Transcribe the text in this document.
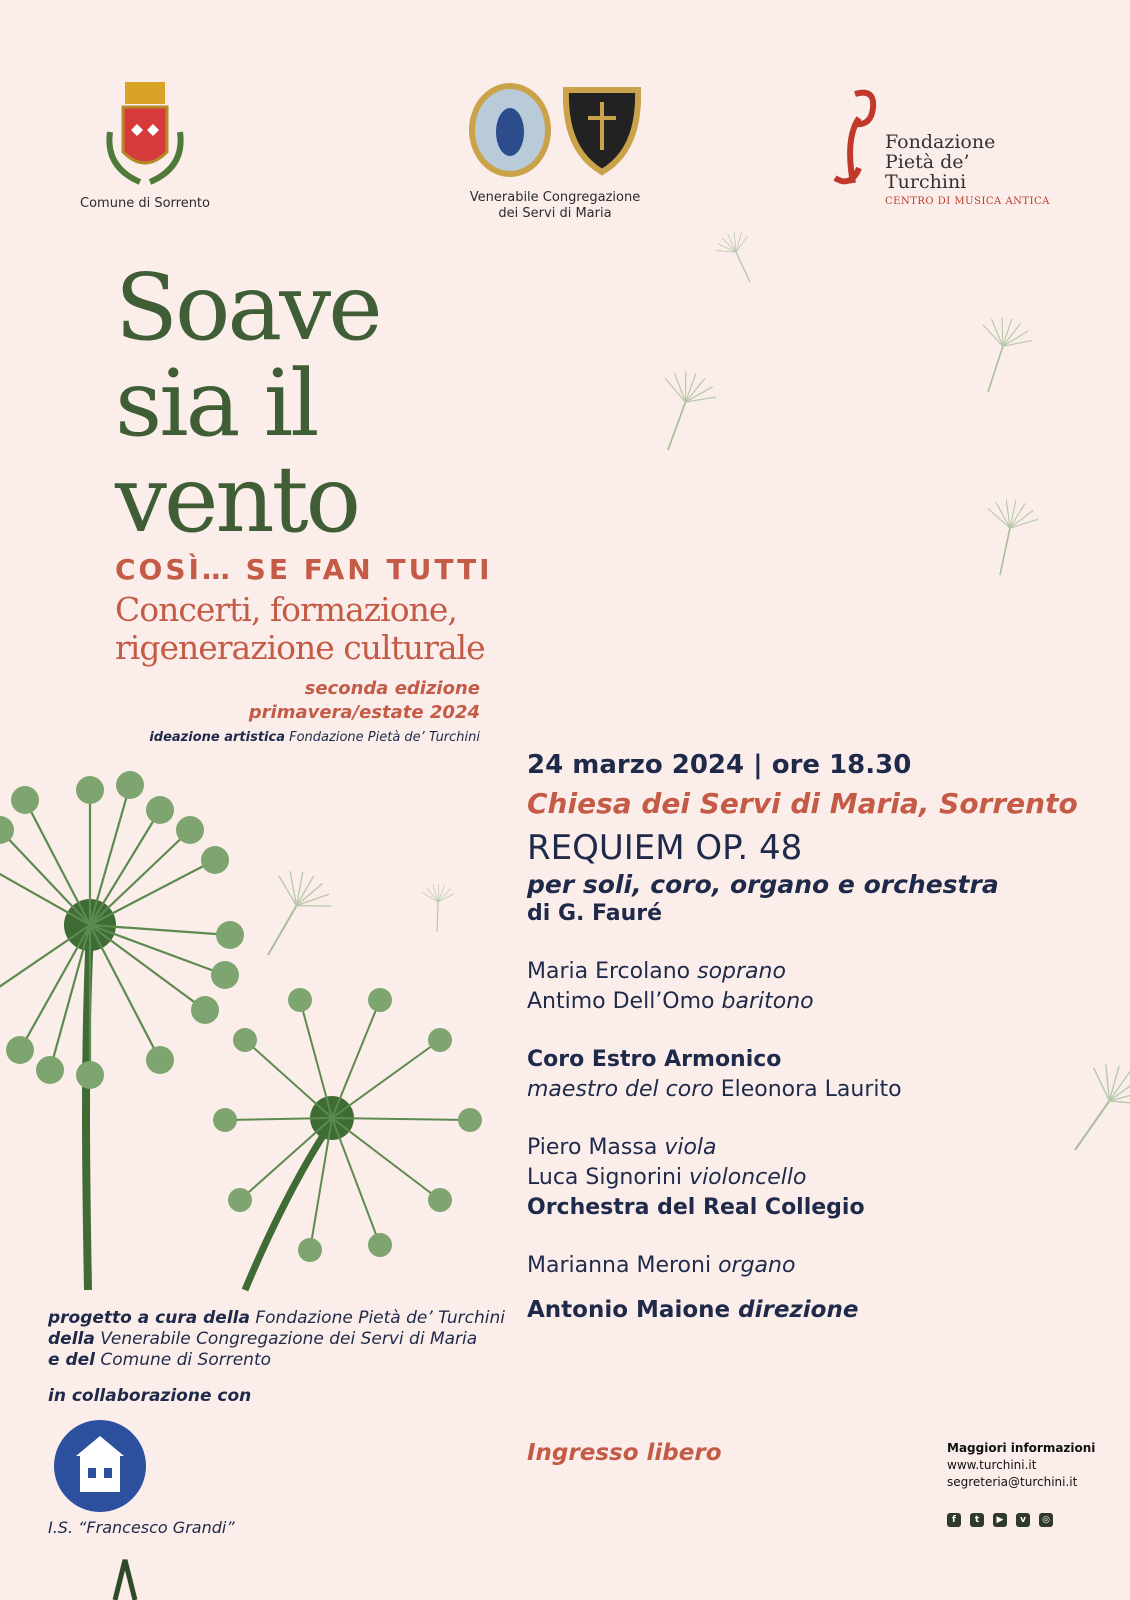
Comune di Sorrento	Venerabile Congregazione
dei Servi di Maria
Fondazione
Pietà de’ Turchini
CENTRO DI MUSICA ANTICA
Soave
sia il
vento
COSÌ… SE FAN TUTTI
Concerti, formazione,
rigenerazione culturale
seconda edizione
primavera/estate 2024
ideazione artistica Fondazione Pietà de’ Turchini
24 marzo 2024 | ore 18.30
Chiesa dei Servi di Maria, Sorrento
REQUIEM OP. 48
per soli, coro, organo e orchestra
di G. Fauré
Maria Ercolano soprano
Antimo Dell’Omo baritono
Coro Estro Armonico
maestro del coro Eleonora Laurito
Piero Massa viola
Luca Signorini violoncello
Orchestra del Real Collegio
Marianna Meroni organo
Antonio Maione direzione
progetto a cura della Fondazione Pietà de’ Turchini
della Venerabile Congregazione dei Servi di Maria
e del Comune di Sorrento
in collaborazione con
I.S. “Francesco Grandi”
Ingresso libero	Maggiori informazioni
www.turchini.it
segreteria@turchini.it
f t ▶ v ◎
